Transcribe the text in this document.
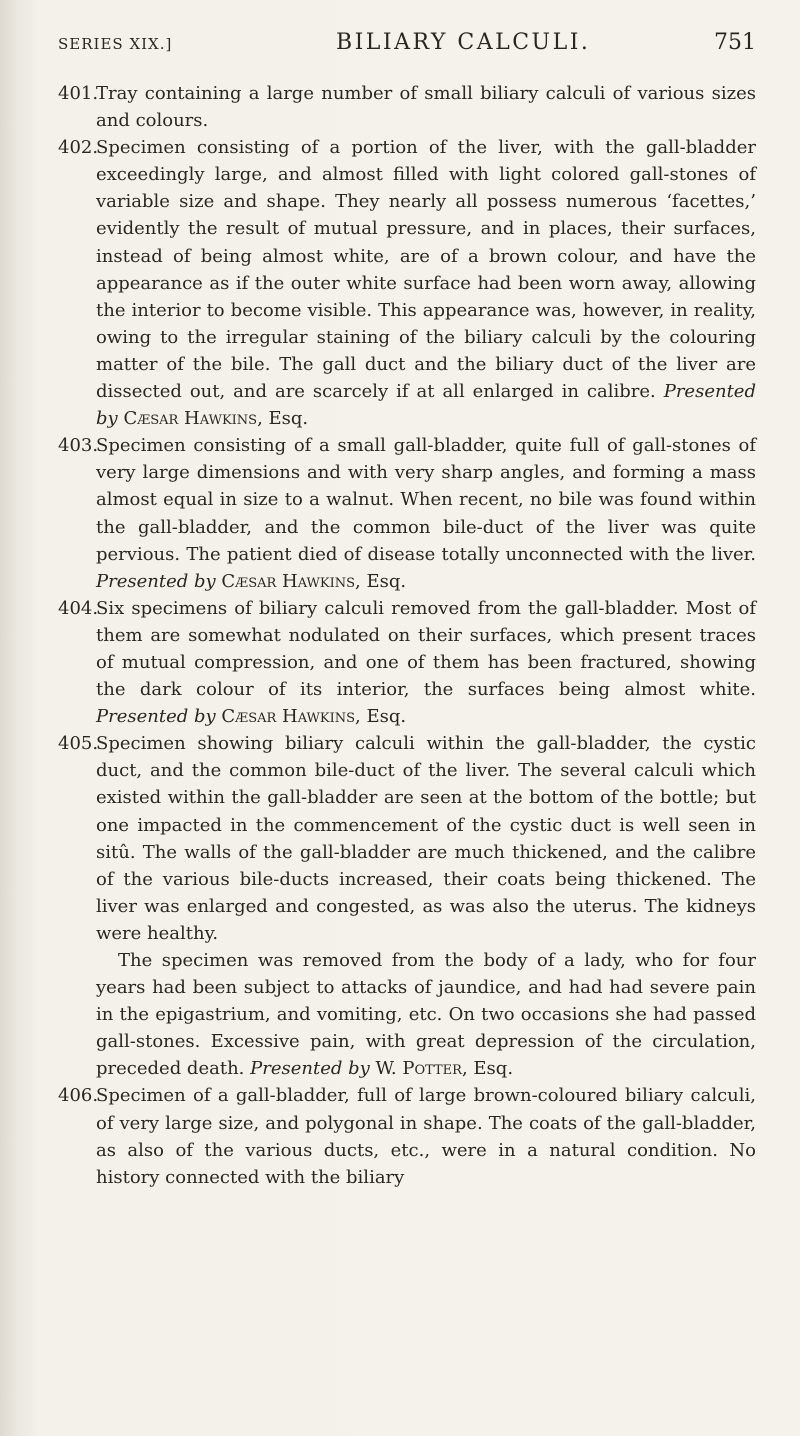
SERIES XIX.]	BILIARY CALCULI.	751
401.

Tray containing a large number of small biliary calculi of various sizes and colours.

402.

Specimen consisting of a portion of the liver, with the gall-bladder exceedingly large, and almost filled with light colored gall-stones of variable size and shape. They nearly all possess numerous ‘facettes,’ evidently the result of mutual pressure, and in places, their surfaces, instead of being almost white, are of a brown colour, and have the appearance as if the outer white surface had been worn away, allowing the interior to become visible. This appearance was, however, in reality, owing to the irregular staining of the biliary calculi by the colouring matter of the bile. The gall duct and the biliary duct of the liver are dissected out, and are scarcely if at all enlarged in calibre. Presented by Cæsar Hawkins, Esq.

403.

Specimen consisting of a small gall-bladder, quite full of gall-stones of very large dimensions and with very sharp angles, and forming a mass almost equal in size to a walnut. When recent, no bile was found within the gall-bladder, and the common bile-duct of the liver was quite pervious. The patient died of disease totally unconnected with the liver. Presented by Cæsar Hawkins, Esq.

404.

Six specimens of biliary calculi removed from the gall-bladder. Most of them are somewhat nodulated on their surfaces, which present traces of mutual compression, and one of them has been fractured, showing the dark colour of its interior, the surfaces being almost white. Presented by Cæsar Hawkins, Esq.

405.

Specimen showing biliary calculi within the gall-bladder, the cystic duct, and the common bile-duct of the liver. The several calculi which existed within the gall-bladder are seen at the bottom of the bottle; but one impacted in the commencement of the cystic duct is well seen in sitû. The walls of the gall-bladder are much thickened, and the calibre of the various bile-ducts increased, their coats being thickened. The liver was enlarged and congested, as was also the uterus. The kidneys were healthy.

The specimen was removed from the body of a lady, who for four years had been subject to attacks of jaundice, and had had severe pain in the epigastrium, and vomiting, etc. On two occasions she had passed gall-stones. Excessive pain, with great depression of the circulation, preceded death. Presented by W. Potter, Esq.

406.

Specimen of a gall-bladder, full of large brown-coloured biliary calculi, of very large size, and polygonal in shape. The coats of the gall-bladder, as also of the various ducts, etc., were in a natural condition. No history connected with the biliary
